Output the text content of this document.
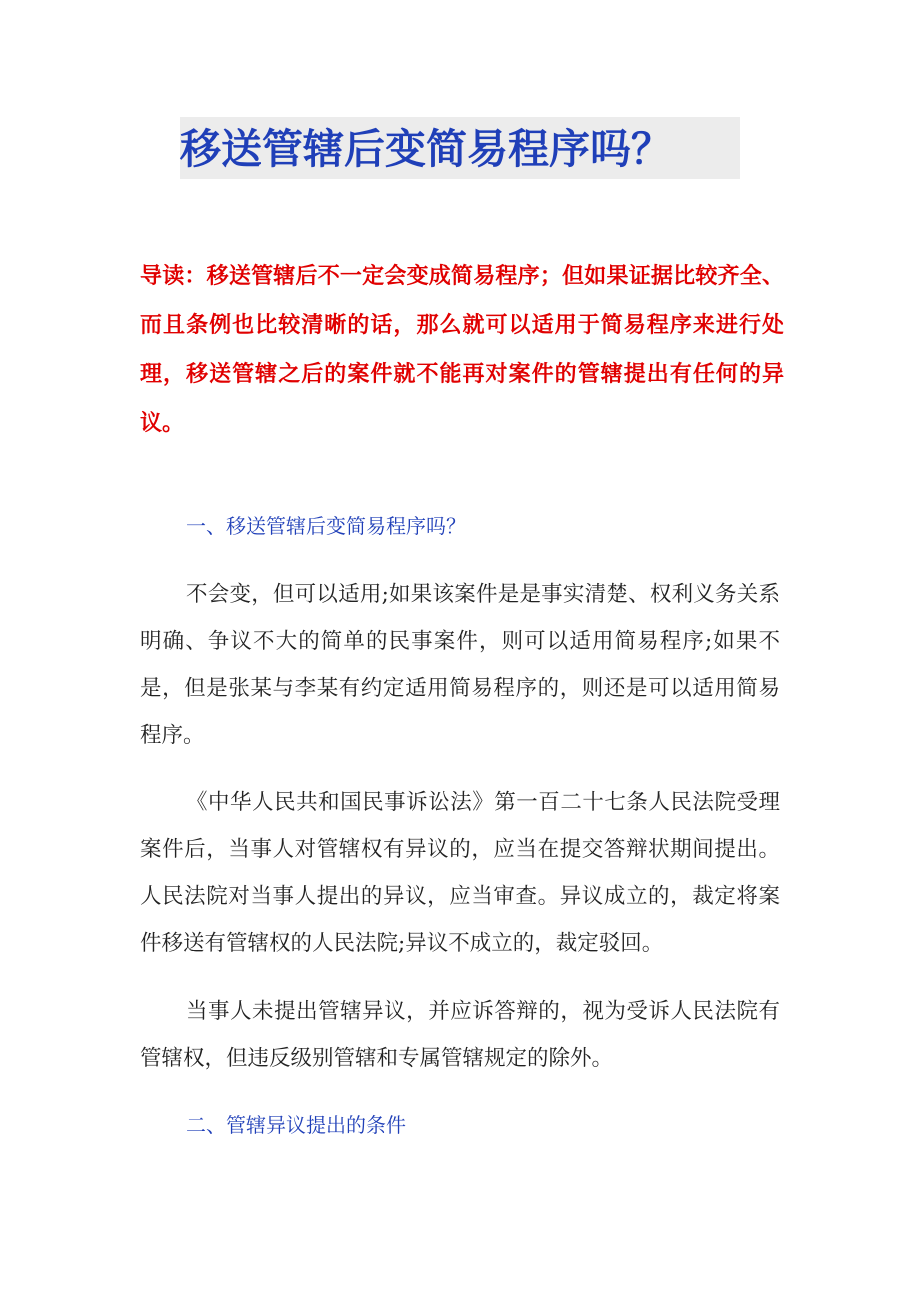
移送管辖后变简易程序吗？
导读：移送管辖后不一定会变成简易程序；但如果证据比较齐全、而且条例也比较清晰的话，那么就可以适用于简易程序来进行处理，移送管辖之后的案件就不能再对案件的管辖提出有任何的异议。
一、移送管辖后变简易程序吗？
不会变，但可以适用;如果该案件是是事实清楚、权利义务关系明确、争议不大的简单的民事案件，则可以适用简易程序;如果不是，但是张某与李某有约定适用简易程序的，则还是可以适用简易程序。
《中华人民共和国民事诉讼法》第一百二十七条人民法院受理案件后，当事人对管辖权有异议的，应当在提交答辩状期间提出。人民法院对当事人提出的异议，应当审查。异议成立的，裁定将案件移送有管辖权的人民法院;异议不成立的，裁定驳回。
当事人未提出管辖异议，并应诉答辩的，视为受诉人民法院有管辖权，但违反级别管辖和专属管辖规定的除外。
二、管辖异议提出的条件
